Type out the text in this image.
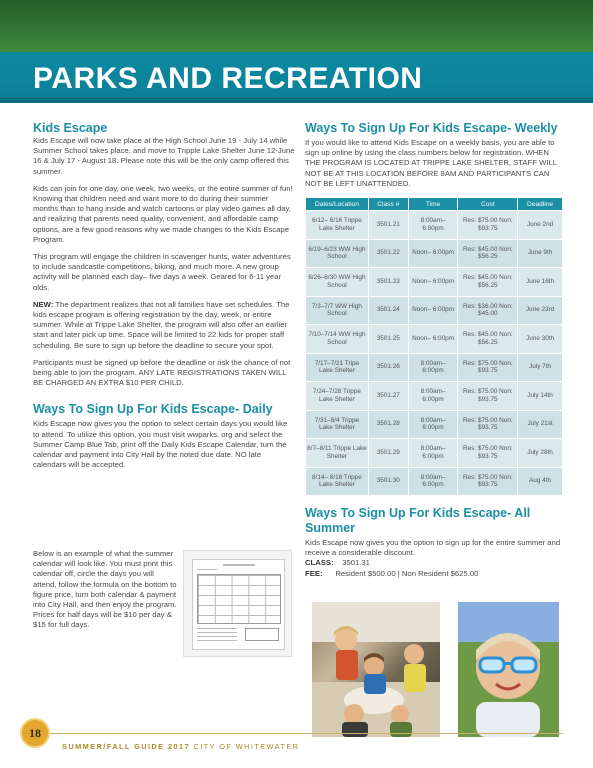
PARKS AND RECREATION
Kids Escape

Kids Escape will now take place at the High School June 19 - July 14 while Summer School takes place, and move to Tripple Lake Shelter June 12-June 16 & July 17 - August 18. Please note this will be the only camp offered this summer.

Kids can join for one day, one week, two weeks, or the entire summer of fun! Knowing that children need and want more to do during their summer months than to hang inside and watch cartoons or play video games all day, and realizing that parents need quality, convenient, and affordable camp options, are a few good reasons why we made changes to the Kids Escape Program.

This program will engage the children in scavenger hunts, water adventures to include sandcastle competitions, biking, and much more. A new group activity will be planned each day– five days a week. Geared for 6-11 year olds.

NEW: The department realizes that not all families have set schedules. The kids escape program is offering registration by the day, week, or entire summer. While at Trippe Lake Shelter, the program will also offer an earlier start and later pick up time. Space will be limited to 22 kids for proper staff scheduling. Be sure to sign up before the deadline to secure your spot.

Participants must be signed up before the deadline or risk the chance of not being able to join the program. ANY LATE REGISTRATIONS TAKEN WILL BE CHARGED AN EXTRA $10 PER CHILD.

Ways To Sign Up For Kids Escape- Daily

Kids Escape now gives you the option to select certain days you would like to attend. To utilize this option, you must visit wwparks. org and select the Summer Camp Blue Tab, print off the Daily Kids Escape Calendar, turn the calendar and payment into City Hall by the noted due date. NO late calendars will be accepted.

Below is an example of what the summer calendar will look like. You must print this calendar off, circle the days you will attend, follow the formula on the bottom to figure price, turn both calendar & payment into City Hall, and then enjoy the program. Prices for half days will be $10 per day & $15 for full days.

Ways To Sign Up For Kids Escape- Weekly

If you would like to attend Kids Escape on a weekly basis, you are able to sign up online by using the class numbers below for registration. WHEN THE PROGRAM IS LOCATED AT TRIPPE LAKE SHELTER, STAFF WILL NOT BE AT THIS LOCATION BEFORE 8AM AND PARTICIPANTS CAN NOT BE LEFT UNATTENDED.

Dates/Location	Class #	Time	Cost	Deadline
6/12– 6/16 Trippe Lake Shelter	3501.21	8:00am– 6:00pm	Res: $75.00 Non: $93.75	June 2nd
6/19–6/23 WW High School	3501.22	Noon– 6:00pm	Res: $45.00 Non: $56.25	June 9th
6/26–6/30 WW High School	3501.23	Noon– 6:00pm	Res: $45.00 Non: $56.25	June 16th
7/3–7/7 WW High School	3501.24	Noon– 6:00pm	Res: $36.00 Non: $45.00	June 23rd
7/10–7/14 WW High School	3501.25	Noon– 6:00pm	Res: $45.00 Non: $56.25	June 30th
7/17–7/21 Tripe Lake Shelter	3501.26	8:00am– 6:00pm	Res: $75.00 Non: $93.75	July 7th
7/24–7/28 Trippe Lake Shelter	3501.27	8:00am– 6:00pm	Res: $75.00 Non: $93.75	July 14th
7/31–8/4 Trippe Lake Shelter	3501.28	8:00am– 6:00pm	Res: $75.00 Non: $93.75	July 21st
8/7–8/11 Trippe Lake Shelter	3501.29	8:00am– 6:00pm	Res: $75.00 Non: $93.75	July 28th
8/14– 8/18 Trippe Lake Shelter	3501.30	8:00am– 6:00pm	Res: $75.00 Non: $93.75	Aug 4th
Ways To Sign Up For Kids Escape- All Summer

Kids Escape now gives you the option to sign up for the entire summer and receive a considerable discount.

CLASS: 3501.31

FEE: Resident $500.00 | Non Resident $625.00

18
SUMMER/FALL GUIDE 2017 CITY OF WHITEWATER
